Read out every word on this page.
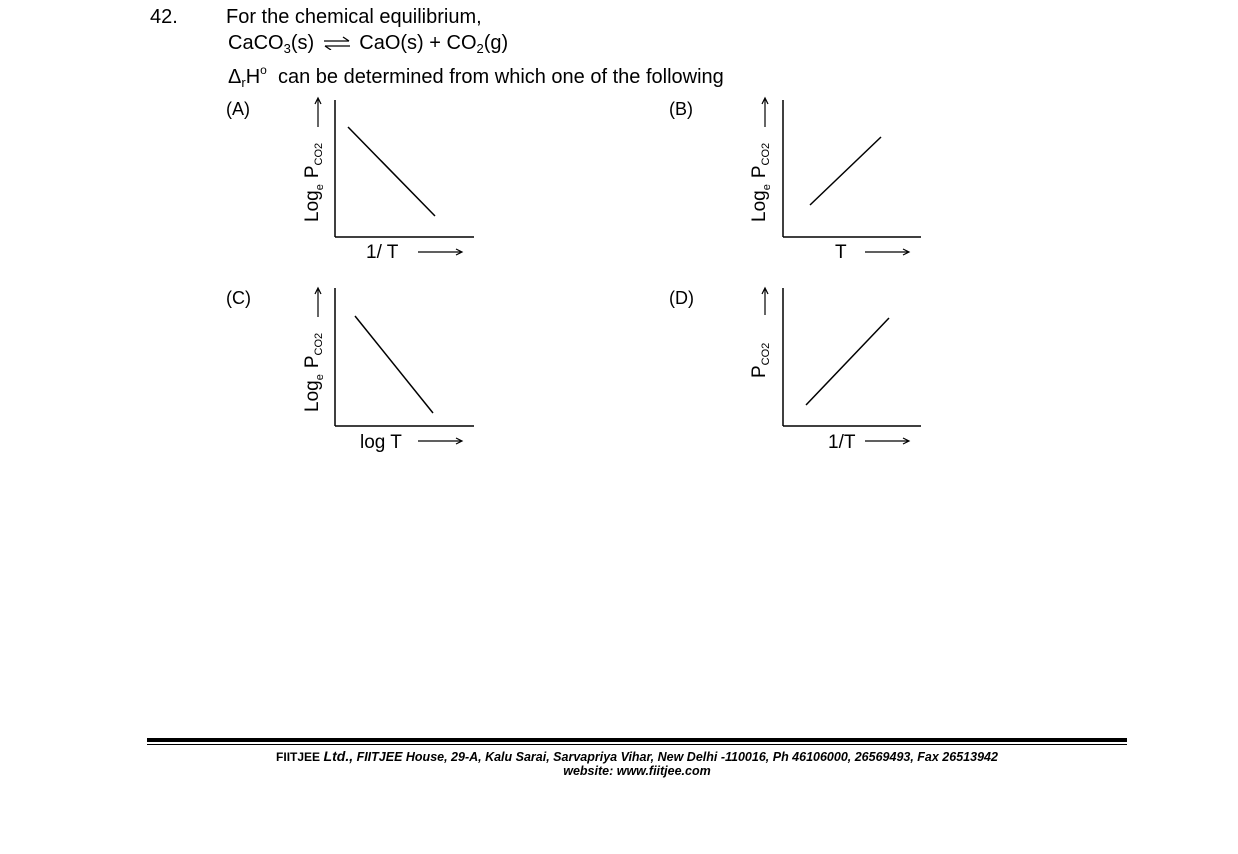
42. For the chemical equilibrium,
CaCO$_3$(s) ⇌ $CaO(s) + CO_2(g)$
$\Delta_rH^o$ can be determined from which one of the following
(A)	(B)
(C)	(D)
$Log_eP_{CO2}$
1/ T
$Log_eP_{CO2}$
T
$Log_eP_{CO2}$
log T
$P_{CO2}$
1/T
FIITJEE Ltd., FIITJEE House, 29-A, Kalu Sarai, Sarvapriya Vihar, New Delhi -110016, Ph 46106000, 26569493, Fax 26513942
website: www.fiitjee.com
